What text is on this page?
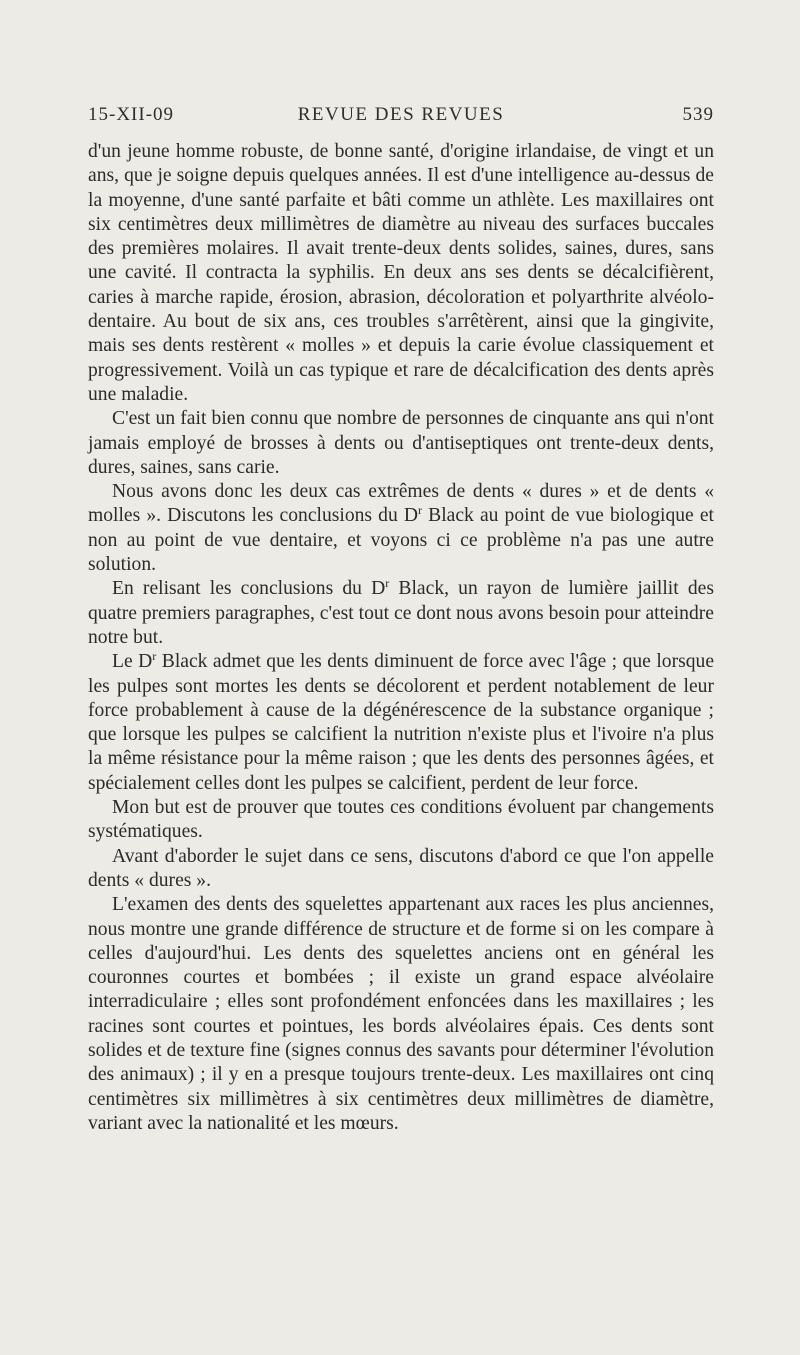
15-XII-09	REVUE DES REVUES	539

d'un jeune homme robuste, de bonne santé, d'origine irlandaise, de vingt et un ans, que je soigne depuis quelques années. Il est d'une intelligence au-dessus de la moyenne, d'une santé parfaite et bâti comme un athlète. Les maxillaires ont six centimètres deux millimètres de diamètre au niveau des surfaces buccales des premières molaires. Il avait trente-deux dents solides, saines, dures, sans une cavité. Il contracta la syphilis. En deux ans ses dents se décalcifièrent, caries à marche rapide, érosion, abrasion, décoloration et polyarthrite alvéolo-dentaire. Au bout de six ans, ces troubles s'arrêtèrent, ainsi que la gingivite, mais ses dents restèrent « molles » et depuis la carie évolue classiquement et progressivement. Voilà un cas typique et rare de décalcification des dents après une maladie.

C'est un fait bien connu que nombre de personnes de cinquante ans qui n'ont jamais employé de brosses à dents ou d'antiseptiques ont trente-deux dents, dures, saines, sans carie.

Nous avons donc les deux cas extrêmes de dents « dures » et de dents « molles ». Discutons les conclusions du $D^r$ Black au point de vue biologique et non au point de vue dentaire, et voyons ci ce problème n'a pas une autre solution.

En relisant les conclusions du $D^r$ Black, un rayon de lumière jaillit des quatre premiers paragraphes, c'est tout ce dont nous avons besoin pour atteindre notre but.

Le $D^r$ Black admet que les dents diminuent de force avec l'âge ; que lorsque les pulpes sont mortes les dents se décolorent et perdent notablement de leur force probablement à cause de la dégénérescence de la substance organique ; que lorsque les pulpes se calcifient la nutrition n'existe plus et l'ivoire n'a plus la même résistance pour la même raison ; que les dents des personnes âgées, et spécialement celles dont les pulpes se calcifient, perdent de leur force.

Mon but est de prouver que toutes ces conditions évoluent par changements systématiques.

Avant d'aborder le sujet dans ce sens, discutons d'abord ce que l'on appelle dents « dures ».

L'examen des dents des squelettes appartenant aux races les plus anciennes, nous montre une grande différence de structure et de forme si on les compare à celles d'aujourd'hui. Les dents des squelettes anciens ont en général les couronnes courtes et bombées ; il existe un grand espace alvéolaire interradiculaire ; elles sont profondément enfoncées dans les maxillaires ; les racines sont courtes et pointues, les bords alvéolaires épais. Ces dents sont solides et de texture fine (signes connus des savants pour déterminer l'évolution des animaux) ; il y en a presque toujours trente-deux. Les maxillaires ont cinq centimètres six millimètres à six centimètres deux millimètres de diamètre, variant avec la nationalité et les mœurs.
